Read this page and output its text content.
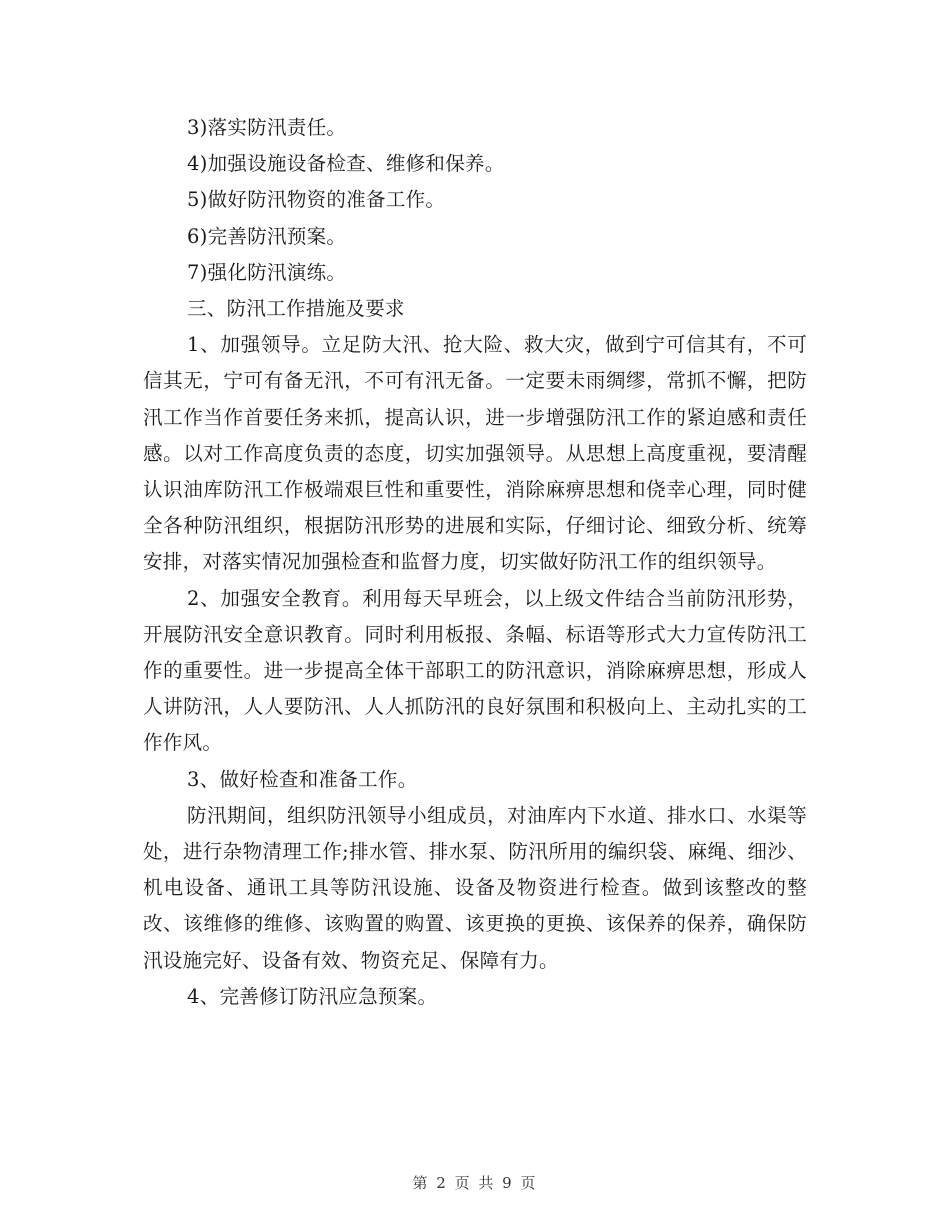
3)落实防汛责任。
4)加强设施设备检查、维修和保养。
5)做好防汛物资的准备工作。
6)完善防汛预案。
7)强化防汛演练。
三、防汛工作措施及要求
1、加强领导。立足防大汛、抢大险、救大灾，做到宁可信其有，不可信其无，宁可有备无汛，不可有汛无备。一定要未雨绸缪，常抓不懈，把防汛工作当作首要任务来抓，提高认识，进一步增强防汛工作的紧迫感和责任感。以对工作高度负责的态度，切实加强领导。从思想上高度重视，要清醒认识油库防汛工作极端艰巨性和重要性，消除麻痹思想和侥幸心理，同时健全各种防汛组织，根据防汛形势的进展和实际，仔细讨论、细致分析、统筹安排，对落实情况加强检查和监督力度，切实做好防汛工作的组织领导。
2、加强安全教育。利用每天早班会，以上级文件结合当前防汛形势，开展防汛安全意识教育。同时利用板报、条幅、标语等形式大力宣传防汛工作的重要性。进一步提高全体干部职工的防汛意识，消除麻痹思想，形成人人讲防汛，人人要防汛、人人抓防汛的良好氛围和积极向上、主动扎实的工作作风。
3、做好检查和准备工作。
防汛期间，组织防汛领导小组成员，对油库内下水道、排水口、水渠等处，进行杂物清理工作;排水管、排水泵、防汛所用的编织袋、麻绳、细沙、机电设备、通讯工具等防汛设施、设备及物资进行检查。做到该整改的整改、该维修的维修、该购置的购置、该更换的更换、该保养的保养，确保防汛设施完好、设备有效、物资充足、保障有力。
4、完善修订防汛应急预案。
第 2 页 共 9 页
